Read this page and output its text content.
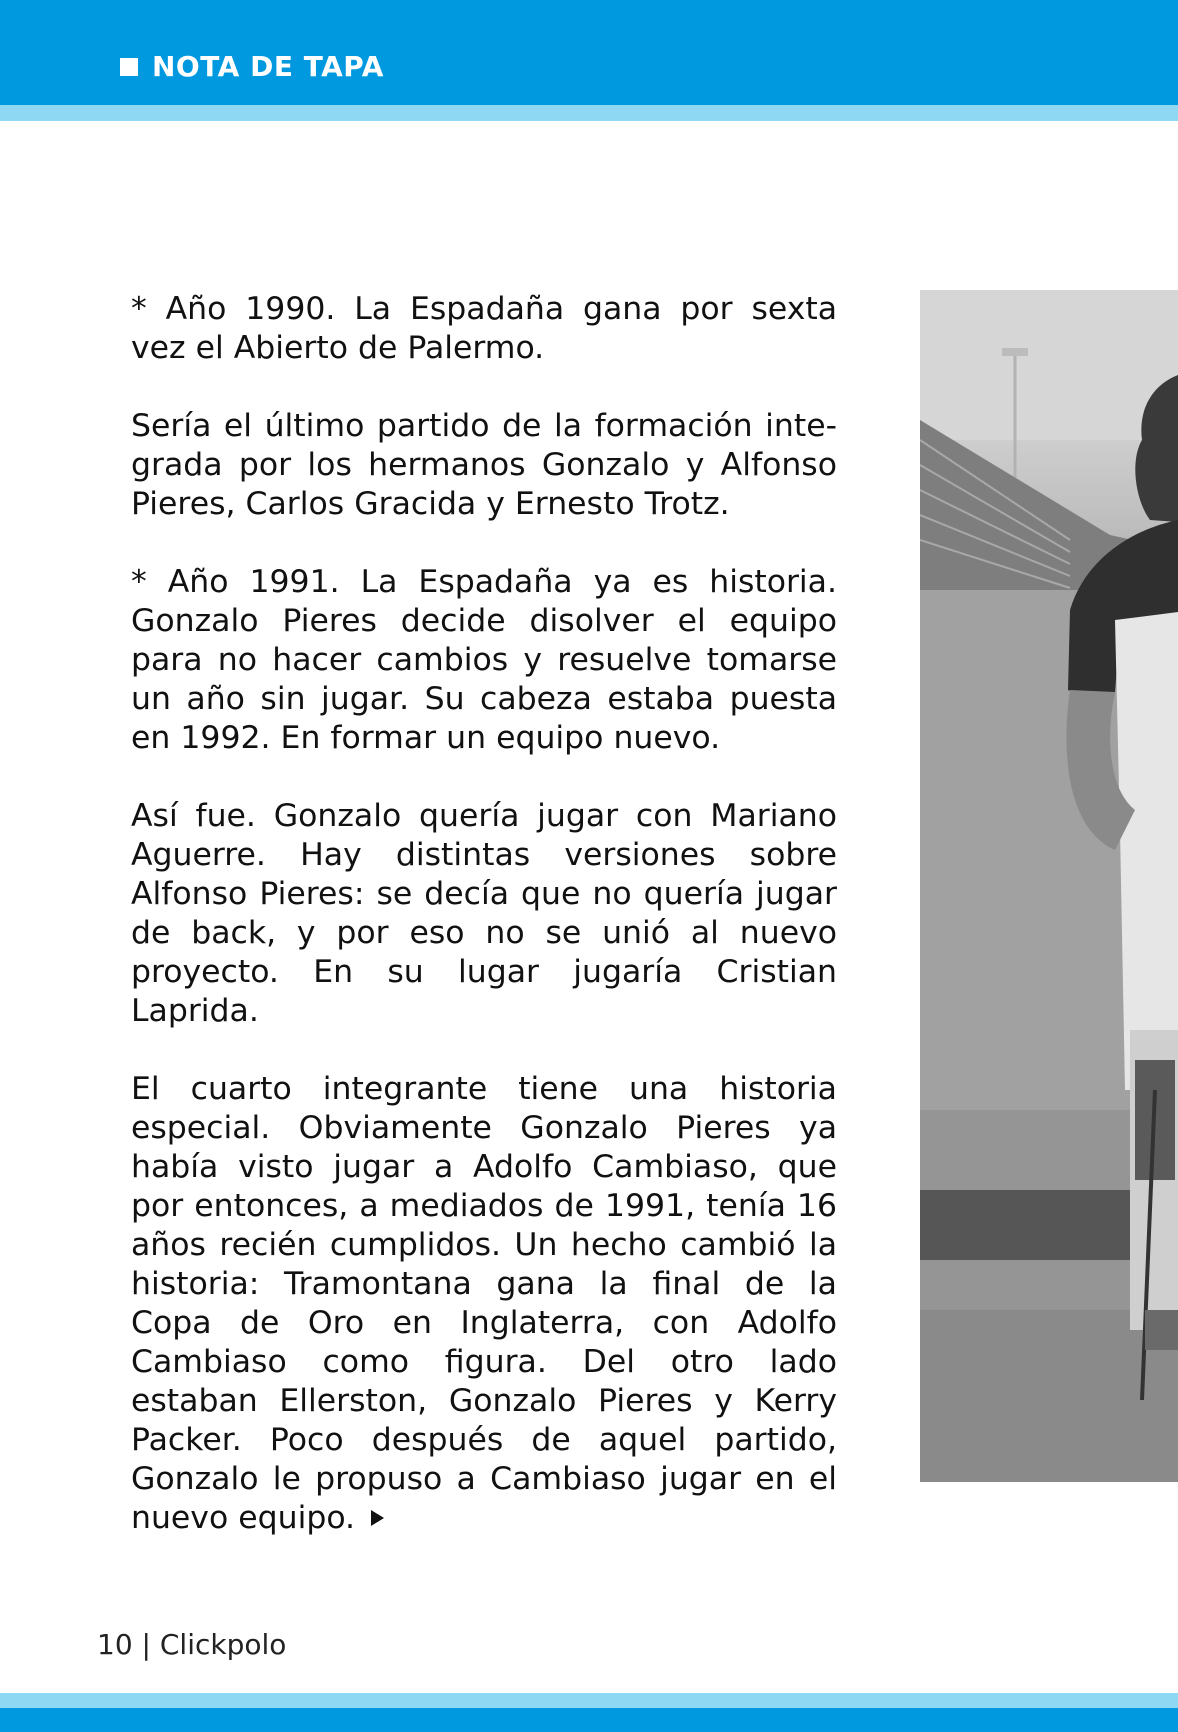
NOTA DE TAPA

* Año 1990. La Espadaña gana por sexta vez el Abierto de Palermo.

Sería el último partido de la formación integrada por los hermanos Gonzalo y Alfonso Pieres, Carlos Gracida y Ernesto Trotz.

* Año 1991. La Espadaña ya es historia. Gonzalo Pieres decide disolver el equipo para no hacer cambios y resuelve tomarse un año sin jugar. Su cabeza estaba puesta en 1992. En formar un equipo nuevo.

Así fue. Gonzalo quería jugar con Mariano Aguerre. Hay distintas versiones sobre Alfonso Pieres: se decía que no quería jugar de back, y por eso no se unió al nuevo proyecto. En su lugar jugaría Cristian Laprida.

El cuarto integrante tiene una historia especial. Obviamente Gonzalo Pieres ya había visto jugar a Adolfo Cambiaso, que por entonces, a mediados de 1991, tenía 16 años recién cumplidos. Un hecho cambió la historia: Tramontana gana la final de la Copa de Oro en Inglaterra, con Adolfo Cambiaso como figura. Del otro lado estaban Ellerston, Gonzalo Pieres y Kerry Packer. Poco después de aquel partido, Gonzalo le propuso a Cambiaso jugar en el nuevo equipo.

10 | Clickpolo
